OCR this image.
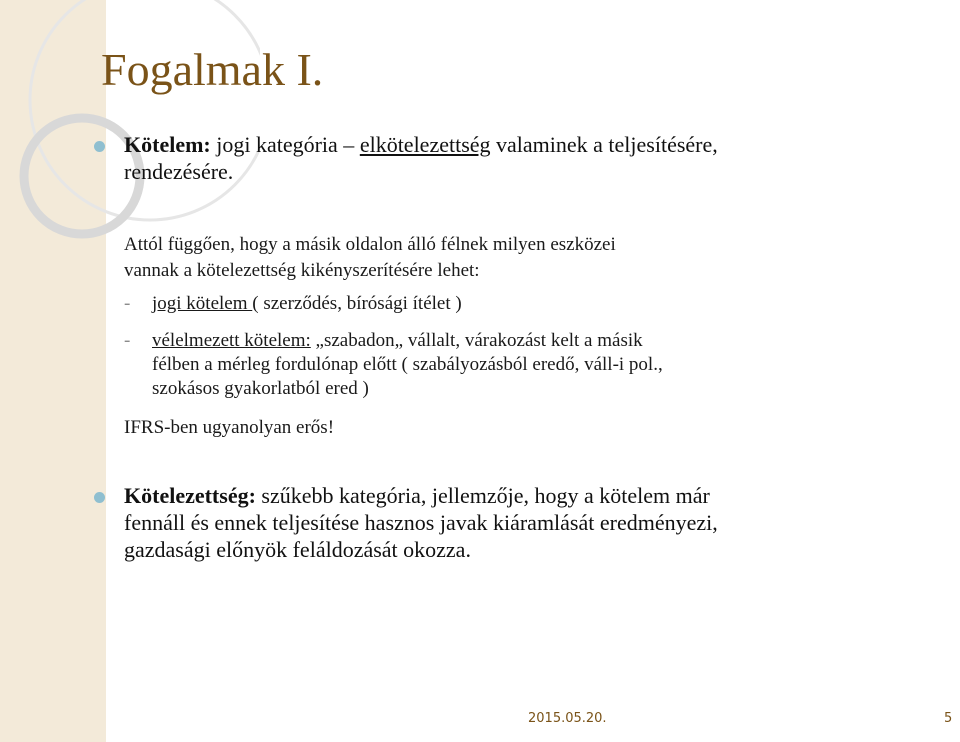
Fogalmak I.
Kötelem: jogi kategória – elkötelezettség valaminek a teljesítésére,
rendezésére.
Attól függően, hogy a másik oldalon álló félnek milyen eszközei
vannak a kötelezettség kikényszerítésére lehet:
- jogi kötelem ( szerződés, bírósági ítélet )
- vélelmezett kötelem: „szabadon„ vállalt, várakozást kelt a másik
félben a mérleg fordulónap előtt ( szabályozásból eredő, váll-i pol.,
szokásos gyakorlatból ered )
IFRS-ben ugyanolyan erős!
Kötelezettség: szűkebb kategória, jellemzője, hogy a kötelem már
fennáll és ennek teljesítése hasznos javak kiáramlását eredményezi,
gazdasági előnyök feláldozását okozza.
2015.05.20.	5
